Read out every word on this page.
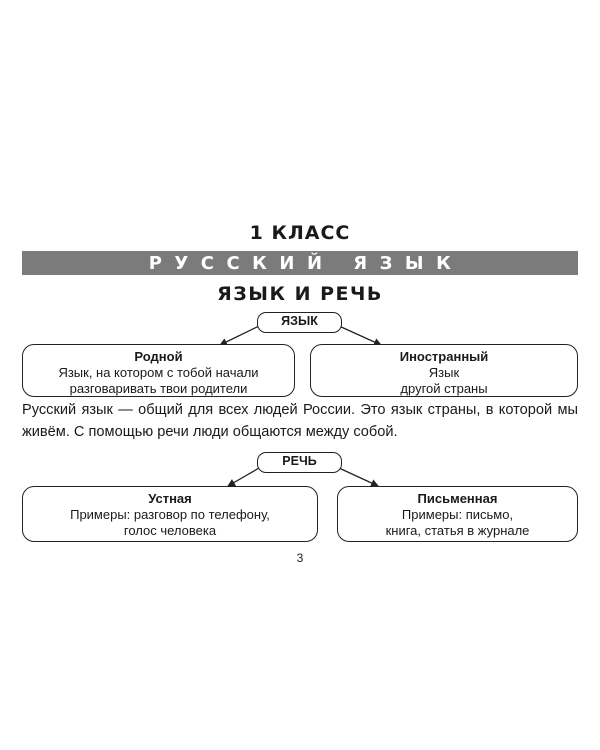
1 КЛАСС
РУССКИЙ ЯЗЫК
ЯЗЫК И РЕЧЬ
ЯЗЫК
Родной
Язык, на котором с тобой начали
разговаривать твои родители
Иностранный
Язык
другой страны
Русский язык — общий для всех людей России. Это язык страны, в которой мы живём. С помощью речи люди общаются между собой.
РЕЧЬ
Устная
Примеры: разговор по телефону,
голос человека
Письменная
Примеры: письмо,
книга, статья в журнале
3
